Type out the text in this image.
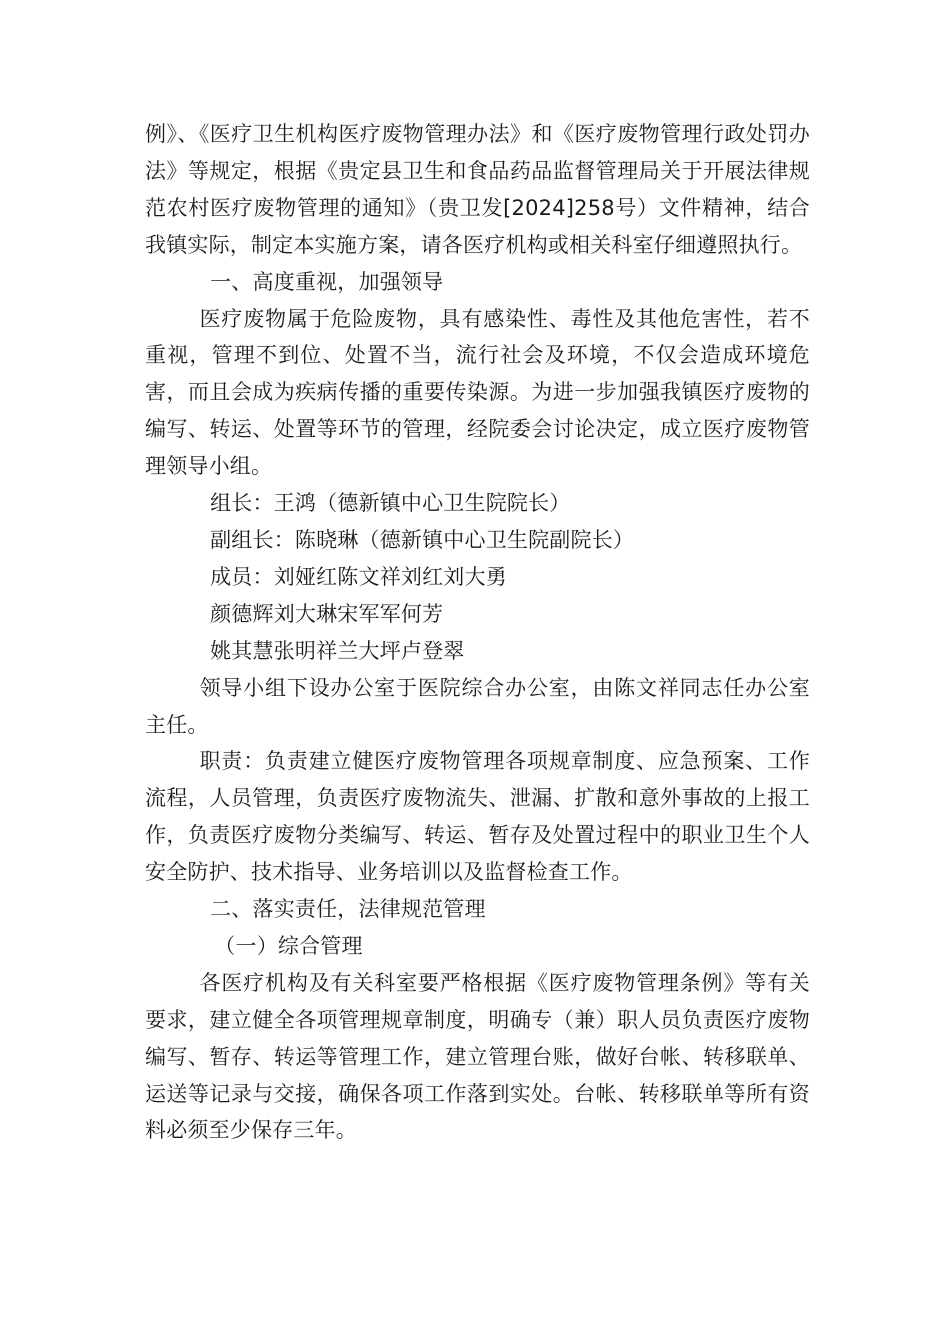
例》、《医疗卫生机构医疗废物管理办法》和《医疗废物管理行政处罚办法》等规定，根据《贵定县卫生和食品药品监督管理局关于开展法律规范农村医疗废物管理的通知》（贵卫发[2024]258号）文件精神，结合我镇实际，制定本实施方案，请各医疗机构或相关科室仔细遵照执行。

一、高度重视，加强领导

医疗废物属于危险废物，具有感染性、毒性及其他危害性，若不重视，管理不到位、处置不当，流行社会及环境，不仅会造成环境危害，而且会成为疾病传播的重要传染源。为进一步加强我镇医疗废物的编写、转运、处置等环节的管理，经院委会讨论决定，成立医疗废物管理领导小组。

组长：王鸿（德新镇中心卫生院院长）

副组长：陈晓琳（德新镇中心卫生院副院长）

成员：刘娅红陈文祥刘红刘大勇

颜德辉刘大琳宋军军何芳

姚其慧张明祥兰大坪卢登翠

领导小组下设办公室于医院综合办公室，由陈文祥同志任办公室主任。

职责：负责建立健医疗废物管理各项规章制度、应急预案、工作流程，人员管理，负责医疗废物流失、泄漏、扩散和意外事故的上报工作，负责医疗废物分类编写、转运、暂存及处置过程中的职业卫生个人安全防护、技术指导、业务培训以及监督检查工作。

二、落实责任，法律规范管理

（一）综合管理

各医疗机构及有关科室要严格根据《医疗废物管理条例》等有关要求，建立健全各项管理规章制度，明确专（兼）职人员负责医疗废物编写、暂存、转运等管理工作，建立管理台账，做好台帐、转移联单、运送等记录与交接，确保各项工作落到实处。台帐、转移联单等所有资料必须至少保存三年。
